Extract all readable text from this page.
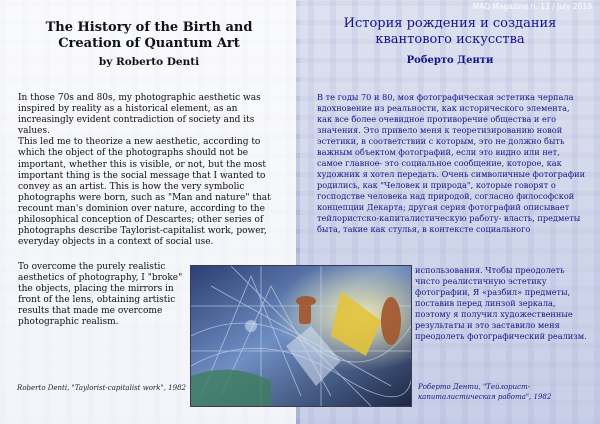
MAQ Magazine n. 13 / July 2019
The History of the Birth and Creation of Quantum Art
by Roberto Denti

In those 70s and 80s, my photographic aesthetic was inspired by reality as a historical element, as an increasingly evident contradiction of society and its values.

This led me to theorize a new aesthetic, according to which the object of the photographs should not be important, whether this is visible, or not, but the most important thing is the social message that I wanted to convey as an artist. This is how the very symbolic photographs were born, such as "Man and nature" that recount man's dominion over nature, according to the philosophical conception of Descartes; other series of photographs describe Taylorist-capitalist work, power, everyday objects in a context of social use.

To overcome the purely realistic aesthetics of photography, I "broke" the objects, placing the mirrors in front of the lens, obtaining artistic results that made me overcome photographic realism.
Roberto Denti, "Taylorist-capitalist work", 1982
История рождения и создания квантового искусства
Роберто Денти
В те годы 70 и 80, моя фотографическая эстетика черпала вдохновение из реальности, как исторического элемента, как все более очевидное противоречие общества и его значения. Это привело меня к теоретизированию новой эстетики, в соответствии с которым, это не должно быть важным объектом фотографий, если это видно или нет, самое главное- это социальное сообщение, которое, как художник я хотел передать. Очень символичные фотографии родились, как "Человек и природа", которые говорят о господстве человека над природой, согласно философской концепции Декарта; другая серия фотографий описывает тейлористско-капиталистическую работу- власть, предметы быта, такие как стулья, в контексте социального
использования. Чтобы преодолеть чисто реалистичную эстетику фотографии, Я «разбил» предметы, поставив перед линзой зеркала, поэтому я получил художественные результаты и это заставило меня преодолеть фотографический реализм.
Роберто Денти, "Тейлорист-капиталистическая работа", 1982
